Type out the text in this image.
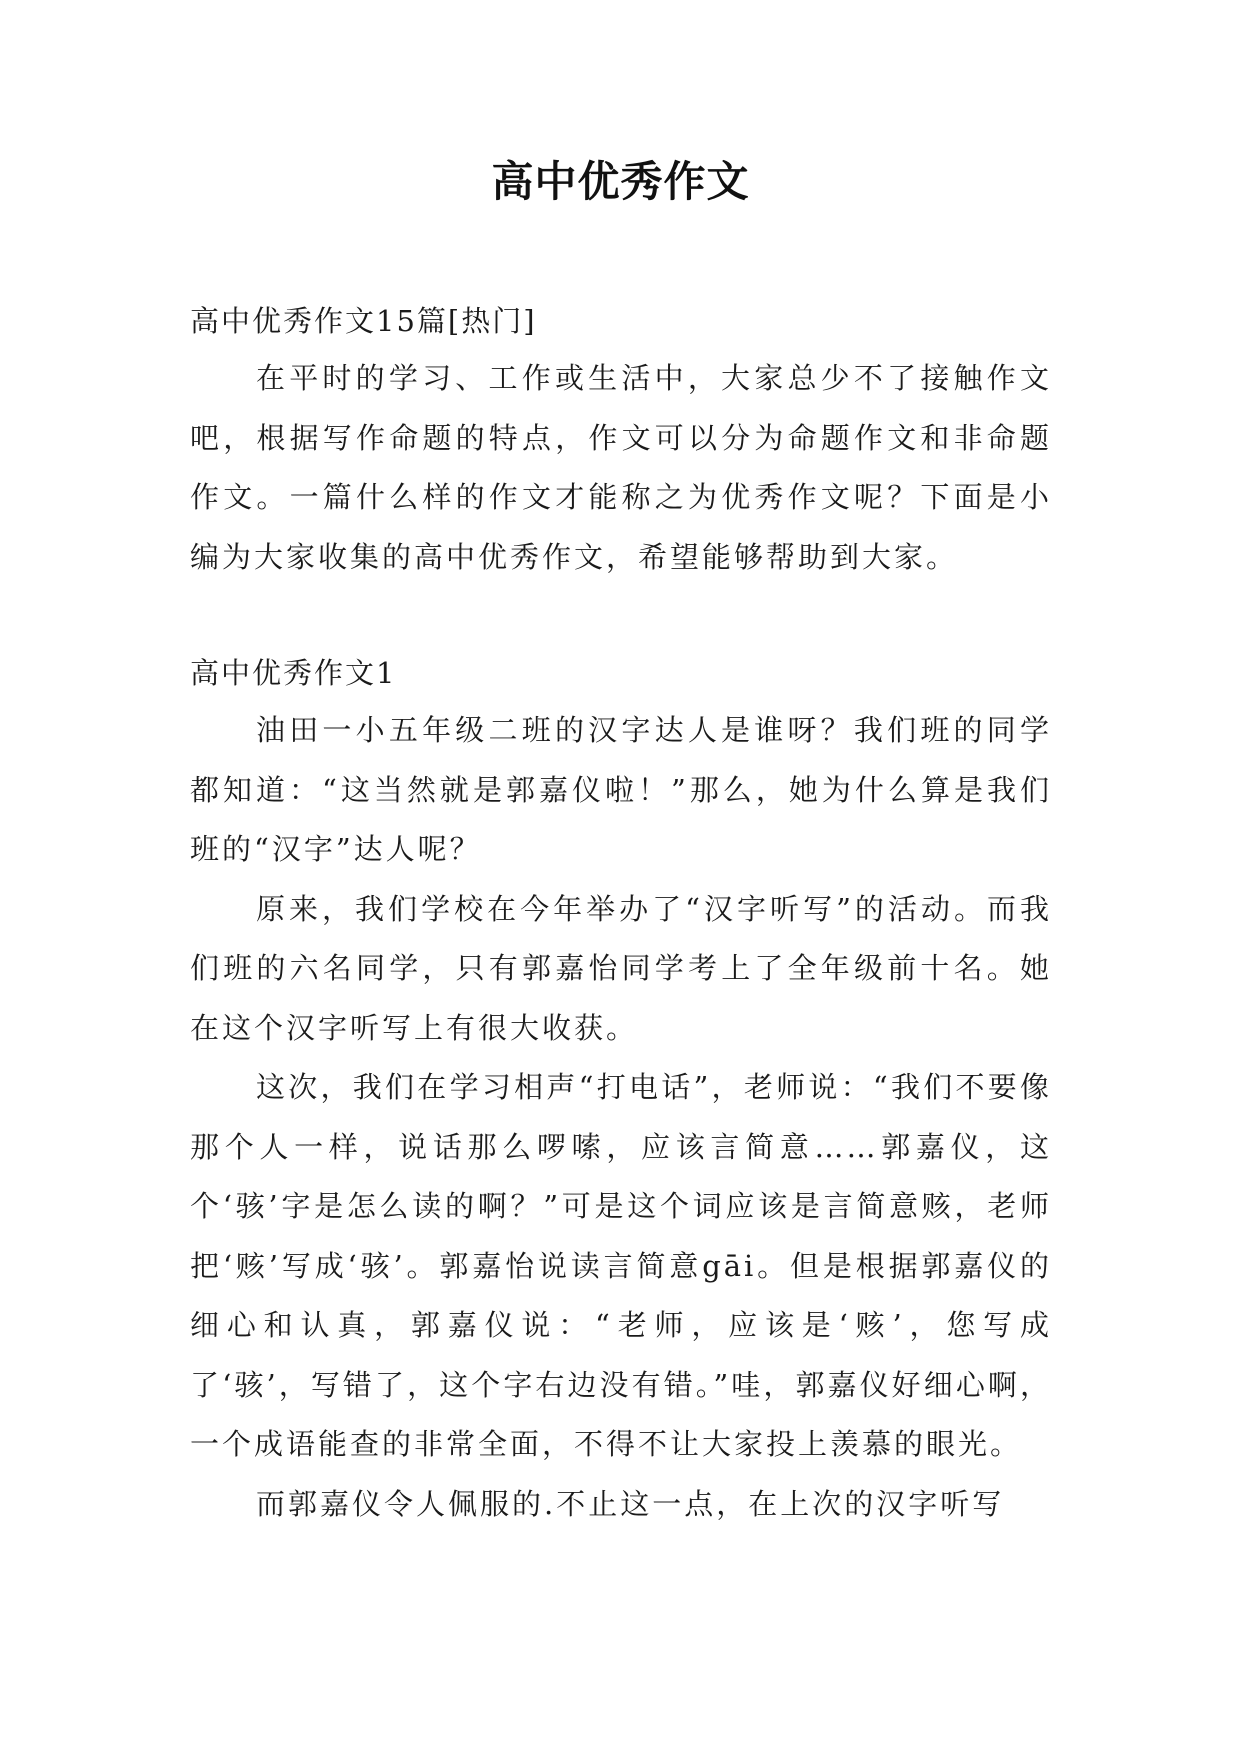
高中优秀作文

高中优秀作文15篇[热门]

在平时的学习、工作或生活中，大家总少不了接触作文吧，根据写作命题的特点，作文可以分为命题作文和非命题作文。一篇什么样的作文才能称之为优秀作文呢？下面是小编为大家收集的高中优秀作文，希望能够帮助到大家。

高中优秀作文1

油田一小五年级二班的汉字达人是谁呀？我们班的同学都知道：“这当然就是郭嘉仪啦！”那么，她为什么算是我们班的“汉字”达人呢？

原来，我们学校在今年举办了“汉字听写”的活动。而我们班的六名同学，只有郭嘉怡同学考上了全年级前十名。她在这个汉字听写上有很大收获。

这次，我们在学习相声“打电话”，老师说：“我们不要像那个人一样，说话那么啰嗦，应该言简意……郭嘉仪，这个‘骇’字是怎么读的啊？”可是这个词应该是言简意赅，老师把‘赅’写成‘骇’。郭嘉怡说读言简意gāi。但是根据郭嘉仪的细心和认真，郭嘉仪说：“老师，应该是‘赅’，您写成了‘骇’，写错了，这个字右边没有错。”哇，郭嘉仪好细心啊，一个成语能查的非常全面，不得不让大家投上羡慕的眼光。

而郭嘉仪令人佩服的.不止这一点，在上次的汉字听写
